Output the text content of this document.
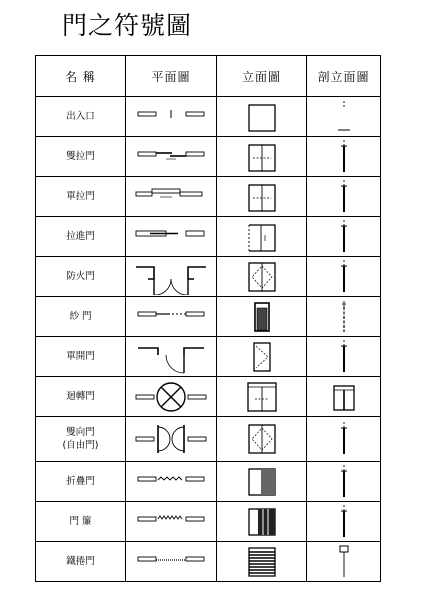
門之符號圖
名 稱	平面圖	立面圖	剖立面圖
出入口	

雙拉門	

單拉門	

拉進門	

防火門	

紗 門	

單開門	

迴轉門	

雙向門
(自由門)	

折疊門	

門 簾	

鐵捲門	
